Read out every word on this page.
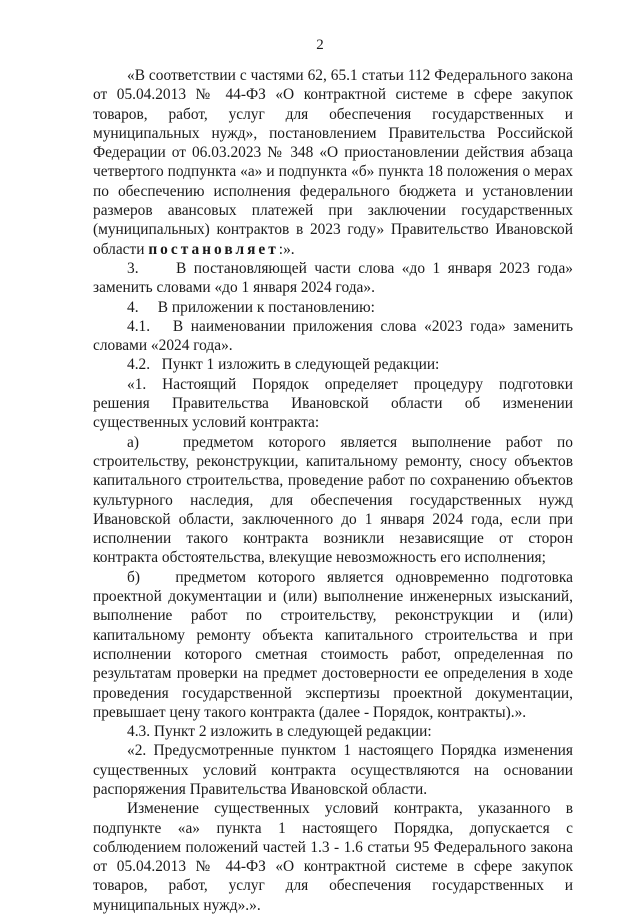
2

«В соответствии с частями 62, 65.1 статьи 112 Федерального закона от 05.04.2013 № 44-ФЗ «О контрактной системе в сфере закупок товаров, работ, услуг для обеспечения государственных и муниципальных нужд», постановлением Правительства Российской Федерации от 06.03.2023 № 348 «О приостановлении действия абзаца четвертого подпункта «а» и подпункта «б» пункта 18 положения о мерах по обеспечению исполнения федерального бюджета и установлении размеров авансовых платежей при заключении государственных (муниципальных) контрактов в 2023 году» Правительство Ивановской области постановляет:».

3.     В постановляющей части слова «до 1 января 2023 года» заменить словами «до 1 января 2024 года».

4.     В приложении к постановлению:

4.1.   В наименовании приложения слова «2023 года» заменить словами «2024 года».

4.2.   Пункт 1 изложить в следующей редакции:

«1. Настоящий Порядок определяет процедуру подготовки решения Правительства Ивановской области об изменении существенных условий контракта:

а)   предметом которого является выполнение работ по строительству, реконструкции, капитальному ремонту, сносу объектов капитального строительства, проведение работ по сохранению объектов культурного наследия, для обеспечения государственных нужд Ивановской области, заключенного до 1 января 2024 года, если при исполнении такого контракта возникли независящие от сторон контракта обстоятельства, влекущие невозможность его исполнения;

б)   предметом которого является одновременно подготовка проектной документации и (или) выполнение инженерных изысканий, выполнение работ по строительству, реконструкции и (или) капитальному ремонту объекта капитального строительства и при исполнении которого сметная стоимость работ, определенная по результатам проверки на предмет достоверности ее определения в ходе проведения государственной экспертизы проектной документации, превышает цену такого контракта (далее - Порядок, контракты).».

4.3. Пункт 2 изложить в следующей редакции:

«2. Предусмотренные пунктом 1 настоящего Порядка изменения существенных условий контракта осуществляются на основании распоряжения Правительства Ивановской области.

Изменение существенных условий контракта, указанного в подпункте «а» пункта 1 настоящего Порядка, допускается с соблюдением положений частей 1.3 - 1.6 статьи 95 Федерального закона от 05.04.2013 № 44-ФЗ «О контрактной системе в сфере закупок товаров, работ, услуг для обеспечения государственных и муниципальных нужд».».
